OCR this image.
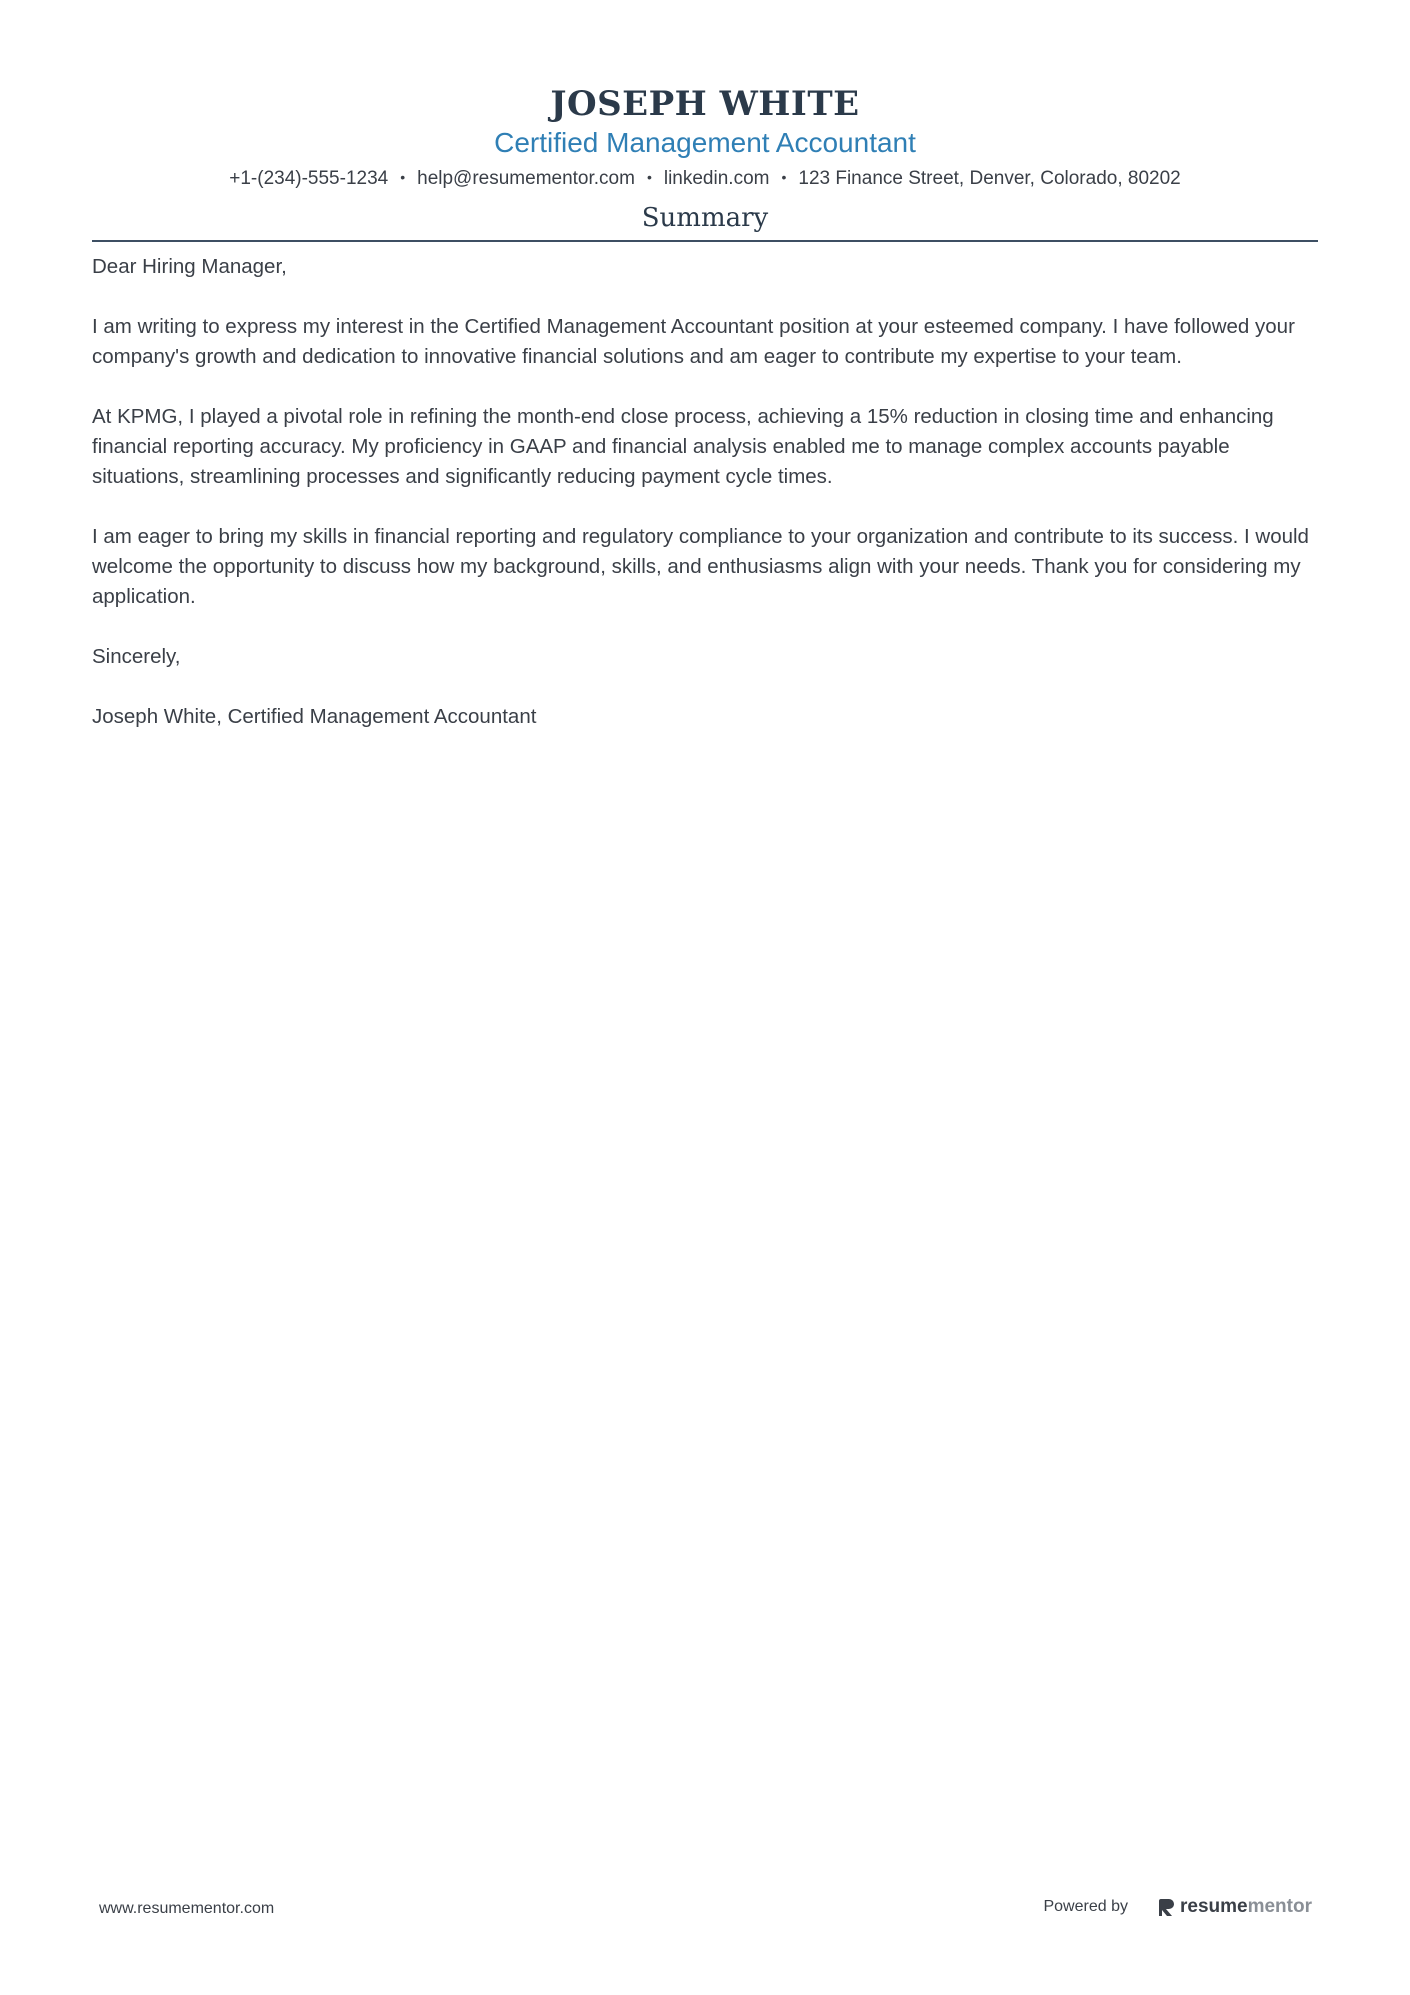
JOSEPH WHITE
Certified Management Accountant
+1-(234)-555-1234 • help@resumementor.com • linkedin.com • 123 Finance Street, Denver, Colorado, 80202
Summary

Dear Hiring Manager,

I am writing to express my interest in the Certified Management Accountant position at your esteemed company. I have followed your company's growth and dedication to innovative financial solutions and am eager to contribute my expertise to your team.

At KPMG, I played a pivotal role in refining the month-end close process, achieving a 15% reduction in closing time and enhancing financial reporting accuracy. My proficiency in GAAP and financial analysis enabled me to manage complex accounts payable situations, streamlining processes and significantly reducing payment cycle times.

I am eager to bring my skills in financial reporting and regulatory compliance to your organization and contribute to its success. I would welcome the opportunity to discuss how my background, skills, and enthusiasms align with your needs. Thank you for considering my application.

Sincerely,

Joseph White, Certified Management Accountant

www.resumementor.com	Powered by	resume mentor
